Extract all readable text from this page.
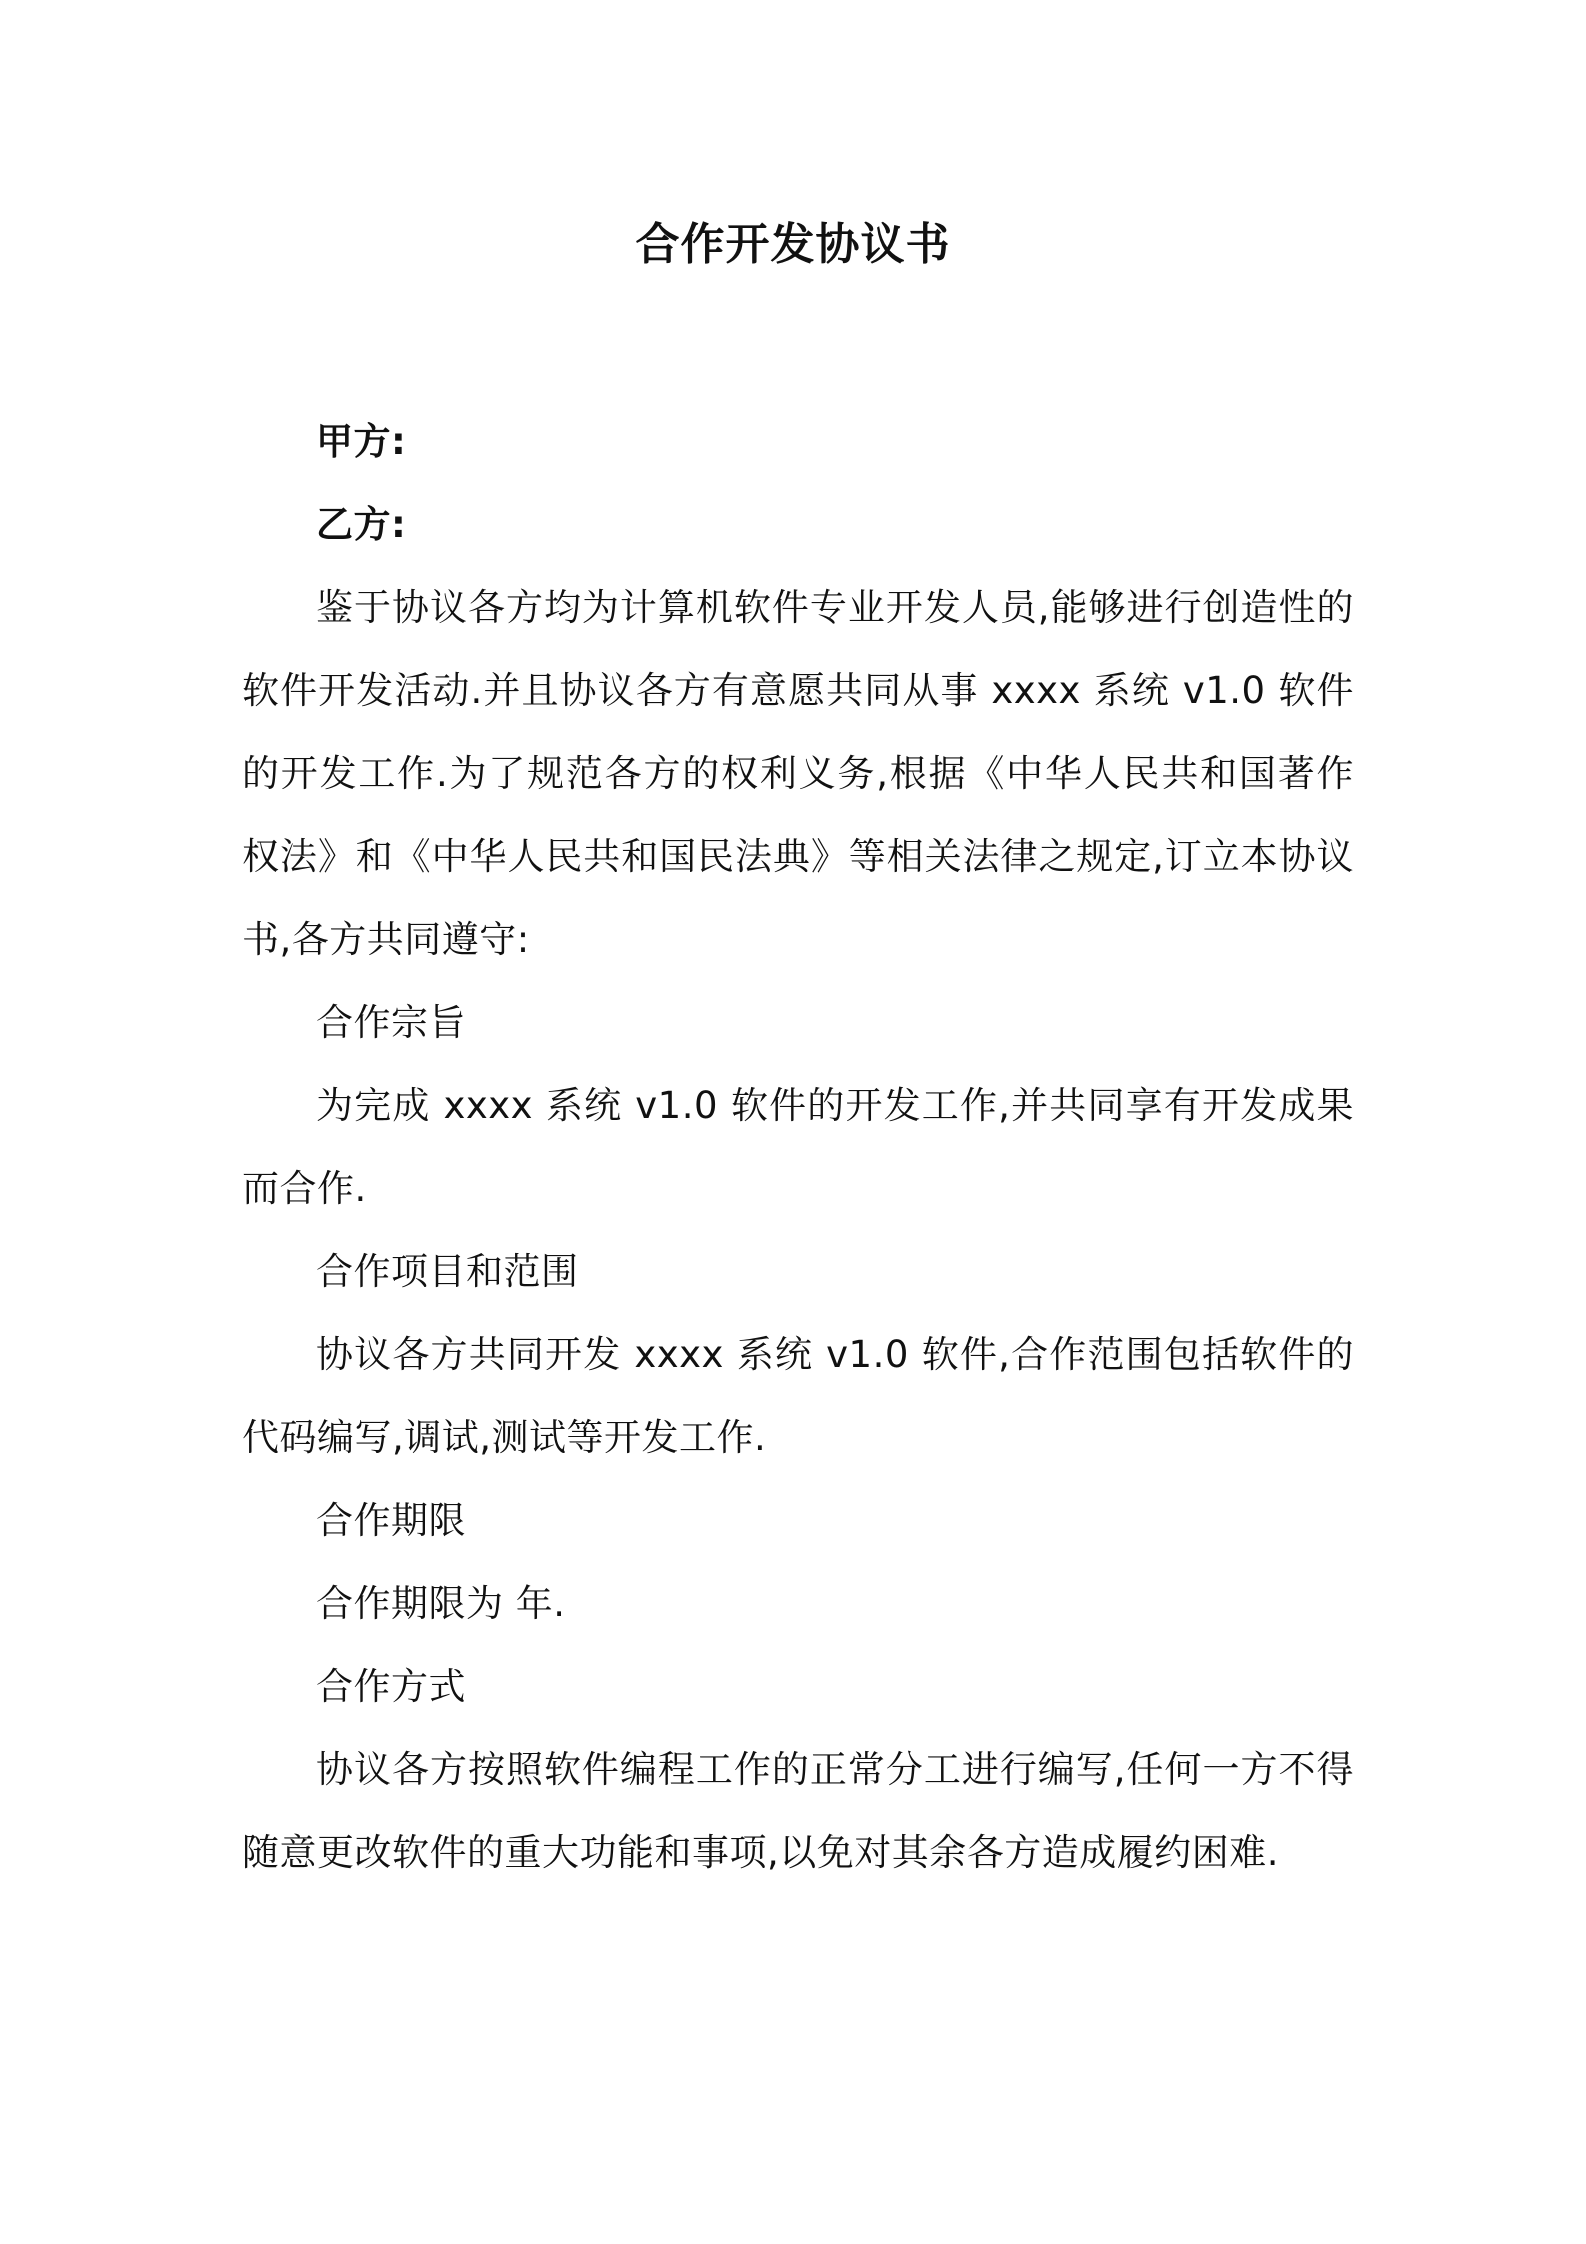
合作开发协议书

甲方:

乙方:

鉴于协议各方均为计算机软件专业开发人员,能够进行创造性的软件开发活动.并且协议各方有意愿共同从事 xxxx 系统 v1.0 软件的开发工作.为了规范各方的权利义务,根据《中华人民共和国著作权法》和《中华人民共和国民法典》等相关法律之规定,订立本协议书,各方共同遵守:

合作宗旨

为完成 xxxx 系统 v1.0 软件的开发工作,并共同享有开发成果而合作.

合作项目和范围

协议各方共同开发 xxxx 系统 v1.0 软件,合作范围包括软件的代码编写,调试,测试等开发工作.

合作期限

合作期限为 年.

合作方式

协议各方按照软件编程工作的正常分工进行编写,任何一方不得随意更改软件的重大功能和事项,以免对其余各方造成履约困难.
